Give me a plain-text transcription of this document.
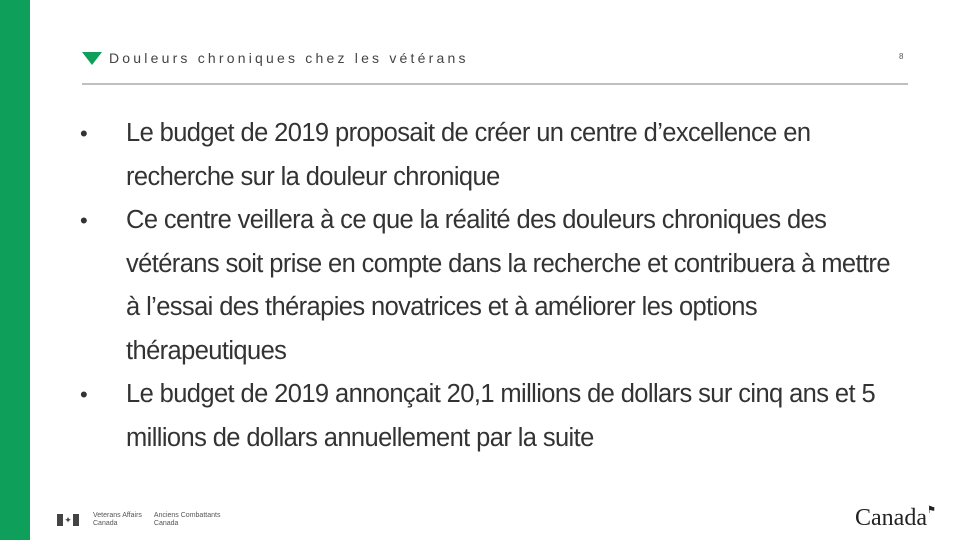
Douleurs chroniques chez les vétérans	8
•	Le budget de 2019 proposait de créer un centre d’excellence en recherche sur la douleur chronique
•	Ce centre veillera à ce que la réalité des douleurs chroniques des vétérans soit prise en compte dans la recherche et contribuera à mettre à l’essai des thérapies novatrices et à améliorer les options thérapeutiques
•	Le budget de 2019 annonçait 20,1 millions de dollars sur cinq ans et 5 millions de dollars annuellement par la suite
✦	Veterans Affairs
Canada
Anciens Combattants
Canada	Canada⚑
